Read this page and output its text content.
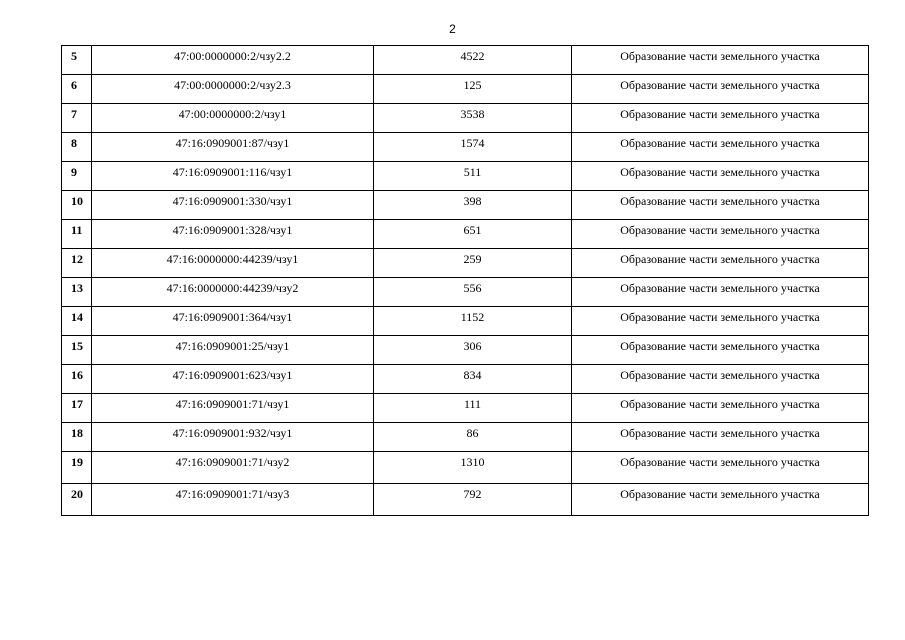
2
5	47:00:0000000:2/чзу2.2	4522	Образование части земельного участка
6	47:00:0000000:2/чзу2.3	125	Образование части земельного участка
7	47:00:0000000:2/чзу1	3538	Образование части земельного участка
8	47:16:0909001:87/чзу1	1574	Образование части земельного участка
9	47:16:0909001:116/чзу1	511	Образование части земельного участка
10	47:16:0909001:330/чзу1	398	Образование части земельного участка
11	47:16:0909001:328/чзу1	651	Образование части земельного участка
12	47:16:0000000:44239/чзу1	259	Образование части земельного участка
13	47:16:0000000:44239/чзу2	556	Образование части земельного участка
14	47:16:0909001:364/чзу1	1152	Образование части земельного участка
15	47:16:0909001:25/чзу1	306	Образование части земельного участка
16	47:16:0909001:623/чзу1	834	Образование части земельного участка
17	47:16:0909001:71/чзу1	111	Образование части земельного участка
18	47:16:0909001:932/чзу1	86	Образование части земельного участка
19	47:16:0909001:71/чзу2	1310	Образование части земельного участка
20	47:16:0909001:71/чзу3	792	Образование части земельного участка
